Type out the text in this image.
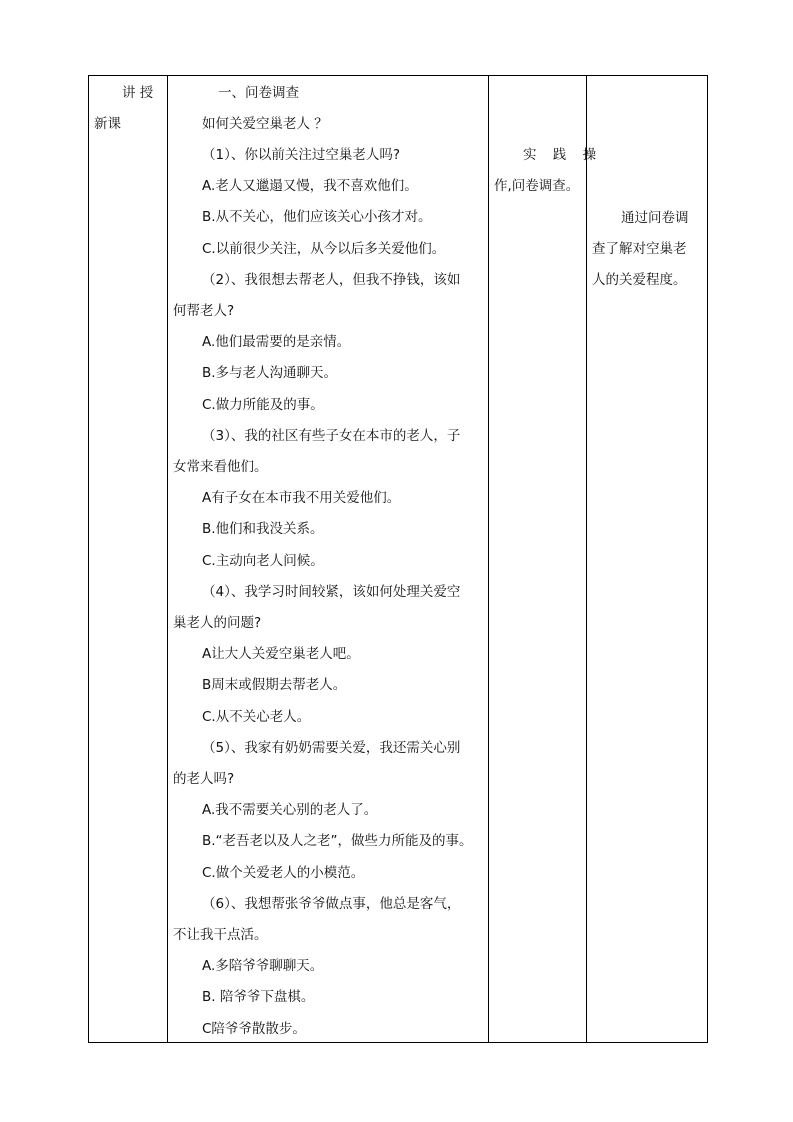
讲 授
新课

一、问卷调查
如何关爱空巢老人 ？
（1）、你以前关注过空巢老人吗?
A.老人又邋遢又慢，我不喜欢他们。
B.从不关心，他们应该关心小孩才对。
C.以前很少关注，从今以后多关爱他们。
（2）、我很想去帮老人，但我不挣钱，该如
何帮老人?
A.他们最需要的是亲情。
B.多与老人沟通聊天。
C.做力所能及的事。
（3）、我的社区有些子女在本市的老人，子
女常来看他们。
A有子女在本市我不用关爱他们。
B.他们和我没关系。
C.主动向老人问候。
（4）、我学习时间较紧，该如何处理关爱空
巢老人的问题?
A让大人关爱空巢老人吧。
B周末或假期去帮老人。
C.从不关心老人。
（5）、我家有奶奶需要关爱，我还需关心别
的老人吗?
A.我不需要关心别的老人了。
B.“老吾老以及人之老”，做些力所能及的事。
C.做个关爱老人的小模范。
（6）、我想帮张爷爷做点事，他总是客气，
不让我干点活。
A.多陪爷爷聊聊天。
B. 陪爷爷下盘棋。
C陪爷爷散散步。

实 践 操
作,问卷调查。

通过问卷调
查了解对空巢老
人的关爱程度。
